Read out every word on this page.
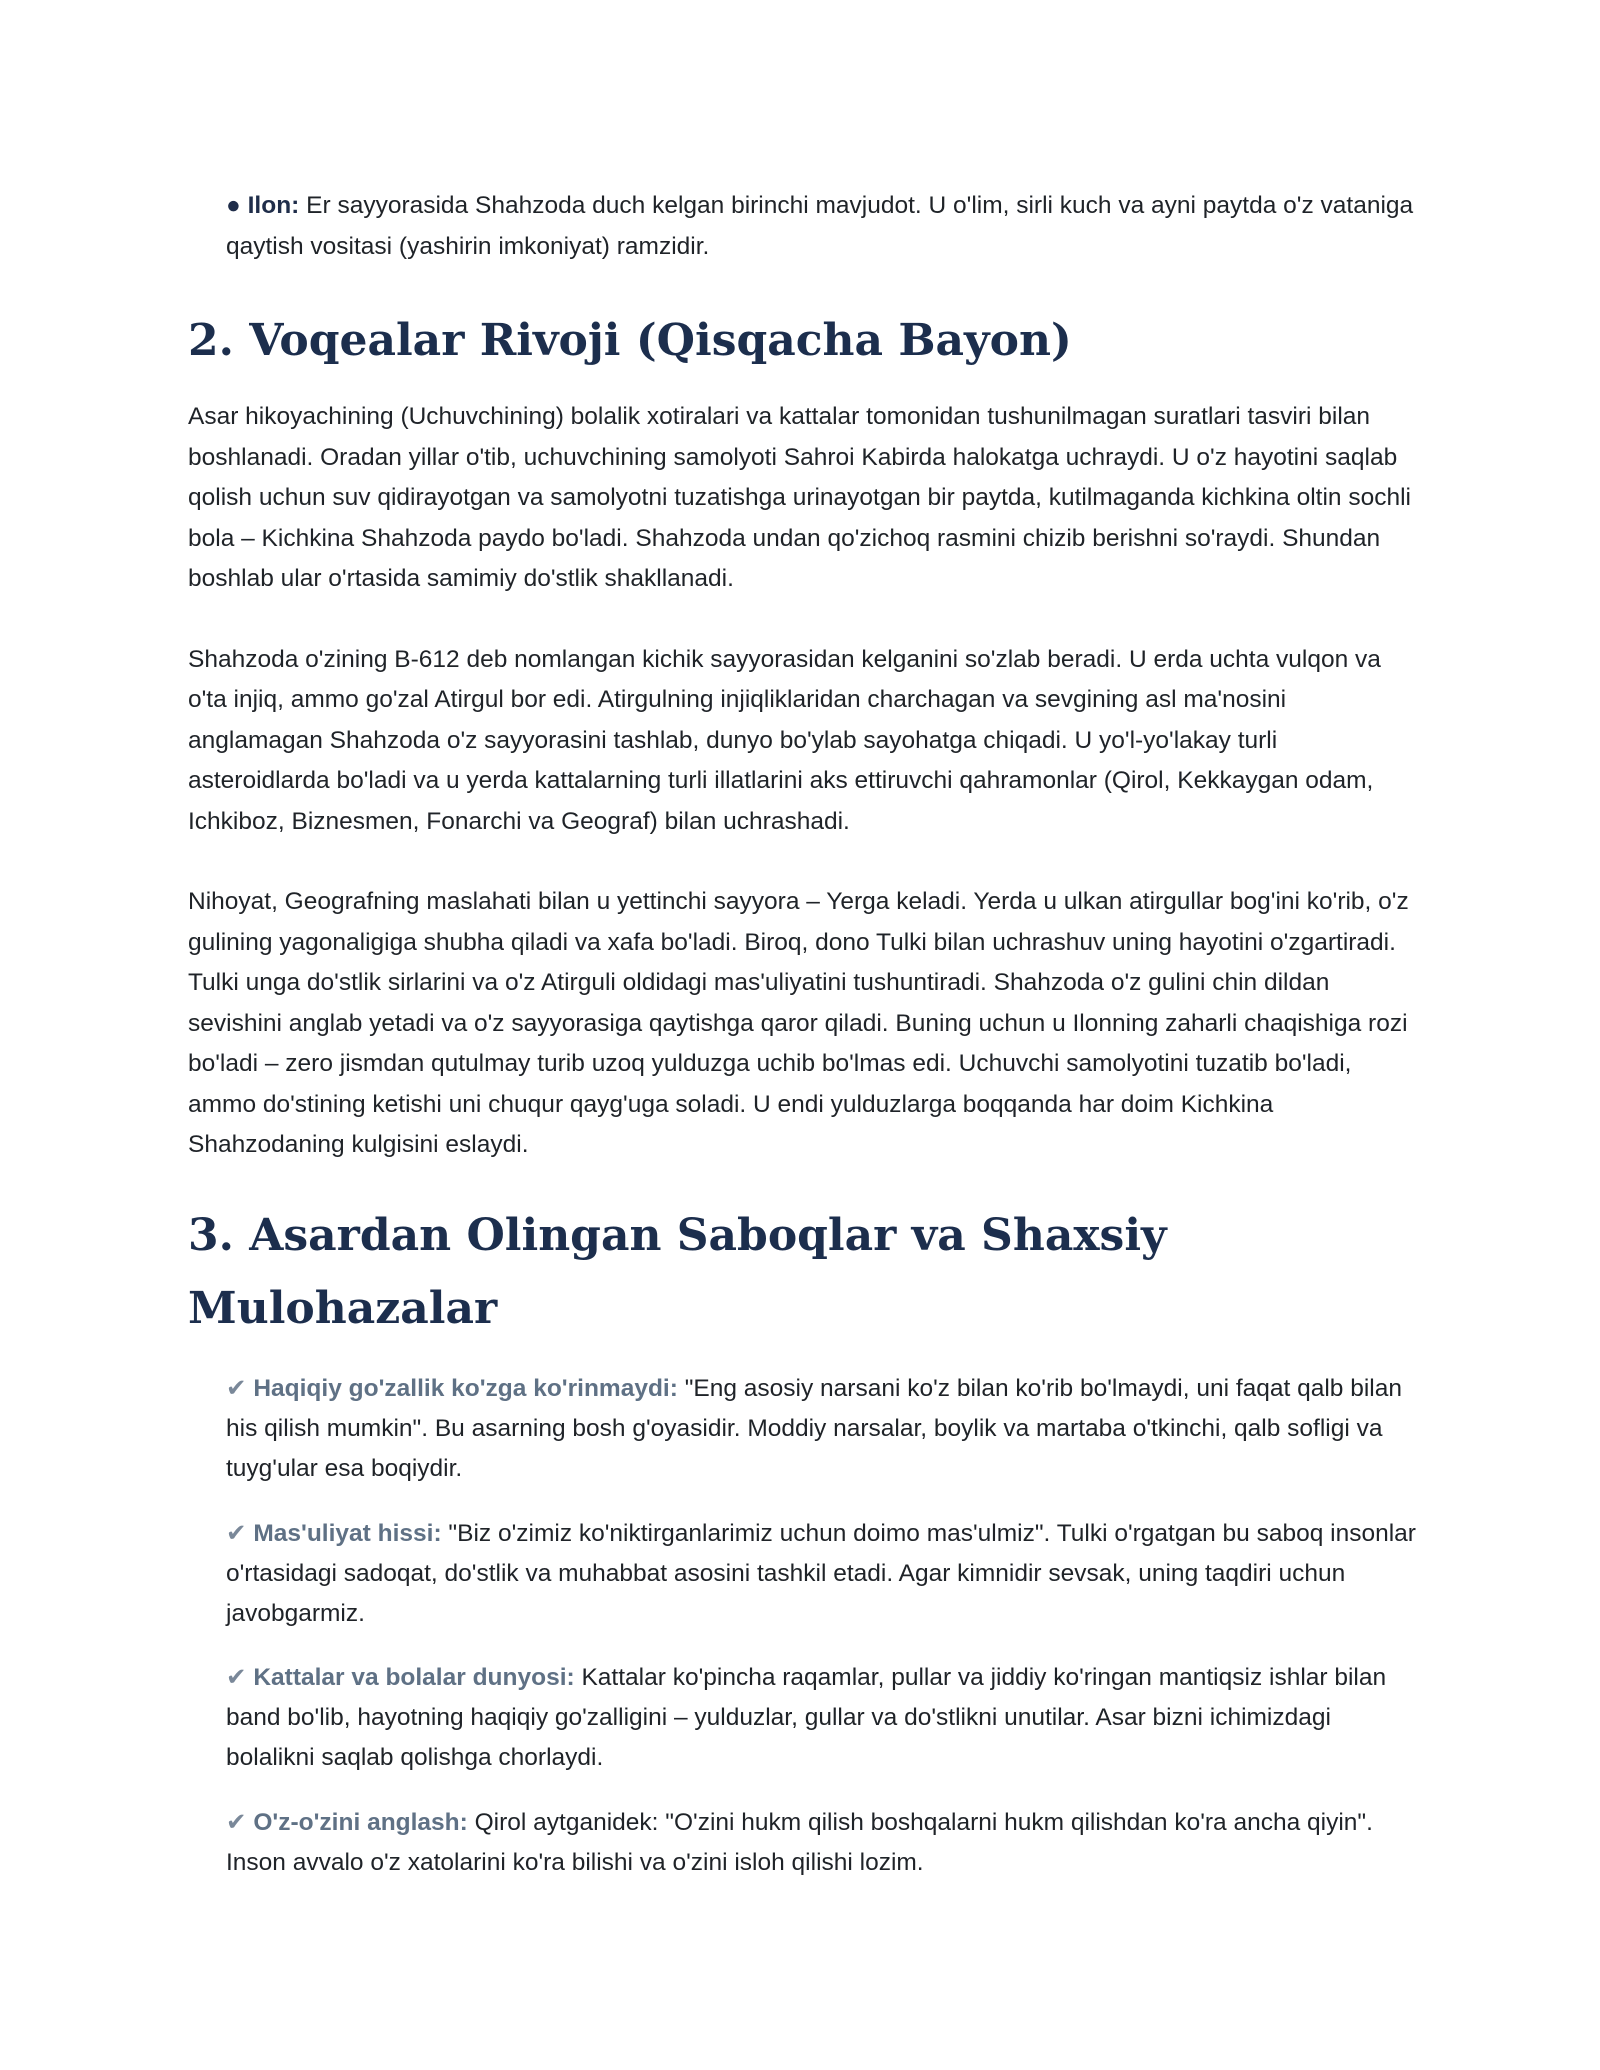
● Ilon: Er sayyorasida Shahzoda duch kelgan birinchi mavjudot. U o'lim, sirli kuch va ayni paytda o'z vataniga qaytish vositasi (yashirin imkoniyat) ramzidir.

2. Voqealar Rivoji (Qisqacha Bayon)

Asar hikoyachining (Uchuvchining) bolalik xotiralari va kattalar tomonidan tushunilmagan suratlari tasviri bilan boshlanadi. Oradan yillar o'tib, uchuvchining samolyoti Sahroi Kabirda halokatga uchraydi. U o'z hayotini saqlab qolish uchun suv qidirayotgan va samolyotni tuzatishga urinayotgan bir paytda, kutilmaganda kichkina oltin sochli bola – Kichkina Shahzoda paydo bo'ladi. Shahzoda undan qo'zichoq rasmini chizib berishni so'raydi. Shundan boshlab ular o'rtasida samimiy do'stlik shakllanadi.

Shahzoda o'zining B-612 deb nomlangan kichik sayyorasidan kelganini so'zlab beradi. U erda uchta vulqon va o'ta injiq, ammo go'zal Atirgul bor edi. Atirgulning injiqliklaridan charchagan va sevgining asl ma'nosini anglamagan Shahzoda o'z sayyorasini tashlab, dunyo bo'ylab sayohatga chiqadi. U yo'l-yo'lakay turli asteroidlarda bo'ladi va u yerda kattalarning turli illatlarini aks ettiruvchi qahramonlar (Qirol, Kekkaygan odam, Ichkiboz, Biznesmen, Fonarchi va Geograf) bilan uchrashadi.

Nihoyat, Geografning maslahati bilan u yettinchi sayyora – Yerga keladi. Yerda u ulkan atirgullar bog'ini ko'rib, o'z gulining yagonaligiga shubha qiladi va xafa bo'ladi. Biroq, dono Tulki bilan uchrashuv uning hayotini o'zgartiradi. Tulki unga do'stlik sirlarini va o'z Atirguli oldidagi mas'uliyatini tushuntiradi. Shahzoda o'z gulini chin dildan sevishini anglab yetadi va o'z sayyorasiga qaytishga qaror qiladi. Buning uchun u Ilonning zaharli chaqishiga rozi bo'ladi – zero jismdan qutulmay turib uzoq yulduzga uchib bo'lmas edi. Uchuvchi samolyotini tuzatib bo'ladi, ammo do'stining ketishi uni chuqur qayg'uga soladi. U endi yulduzlarga boqqanda har doim Kichkina Shahzodaning kulgisini eslaydi.

3. Asardan Olingan Saboqlar va Shaxsiy Mulohazalar

✔ Haqiqiy go'zallik ko'zga ko'rinmaydi: "Eng asosiy narsani ko'z bilan ko'rib bo'lmaydi, uni faqat qalb bilan his qilish mumkin". Bu asarning bosh g'oyasidir. Moddiy narsalar, boylik va martaba o'tkinchi, qalb sofligi va tuyg'ular esa boqiydir.

✔ Mas'uliyat hissi: "Biz o'zimiz ko'niktirganlarimiz uchun doimo mas'ulmiz". Tulki o'rgatgan bu saboq insonlar o'rtasidagi sadoqat, do'stlik va muhabbat asosini tashkil etadi. Agar kimnidir sevsak, uning taqdiri uchun javobgarmiz.

✔ Kattalar va bolalar dunyosi: Kattalar ko'pincha raqamlar, pullar va jiddiy ko'ringan mantiqsiz ishlar bilan band bo'lib, hayotning haqiqiy go'zalligini – yulduzlar, gullar va do'stlikni unutilar. Asar bizni ichimizdagi bolalikni saqlab qolishga chorlaydi.

✔ O'z-o'zini anglash: Qirol aytganidek: "O'zini hukm qilish boshqalarni hukm qilishdan ko'ra ancha qiyin". Inson avvalo o'z xatolarini ko'ra bilishi va o'zini isloh qilishi lozim.
